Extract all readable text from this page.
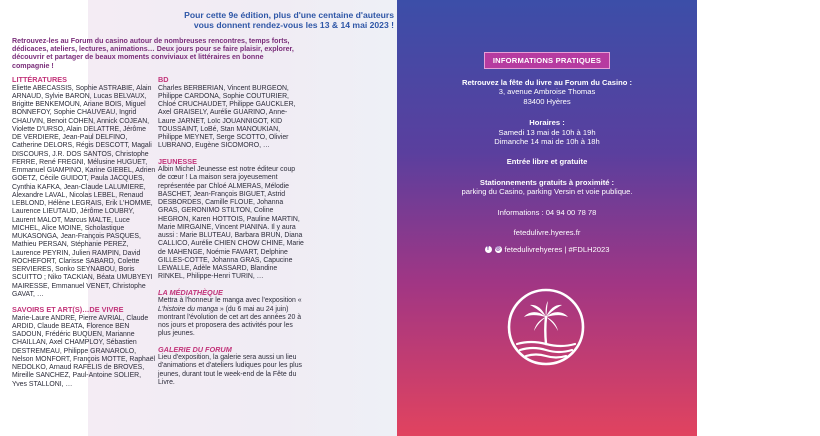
Pour cette 9e édition, plus d'une centaine d'auteurs
vous donnent rendez-vous les 13 & 14 mai 2023 !
Retrouvez-les au Forum du casino autour de nombreuses rencontres, temps forts, dédicaces, ateliers, lectures, animations… Deux jours pour se faire plaisir, explorer, découvrir et partager de beaux moments conviviaux et littéraires en bonne compagnie !

LITTÉRATURES

Eliette ABECASSIS, Sophie ASTRABIE, Alain ARNAUD, Sylvie BARON, Lucas BELVAUX, Brigitte BENKEMOUN, Ariane BOIS, Miguel BONNEFOY, Sophie CHAUVEAU, Ingrid CHAUVIN, Benoit COHEN, Annick COJEAN, Violette D'URSO, Alain DELATTRE, Jérôme DE VERDIERE, Jean-Paul DELFINO, Catherine DELORS, Régis DESCOTT, Magali DISCOURS, J.R. DOS SANTOS, Christophe FERRE, René FREGNI, Mélusine HUGUET, Emmanuel GIAMPINO, Karine GIEBEL, Adrien GOETZ, Cécile GUIDOT, Paula JACQUES, Cynthia KAFKA, Jean-Claude LALUMIERE, Alexandre LAVAL, Nicolas LEBEL, Renaud LEBLOND, Hélène LEGRAIS, Erik L'HOMME, Laurence LIEUTAUD, Jérôme LOUBRY, Laurent MALOT, Marcus MALTE, Luce MICHEL, Alice MOINE, Scholastique MUKASONGA, Jean-François PASQUES, Mathieu PERSAN, Stéphanie PEREZ, Laurence PEYRIN, Julien RAMPIN, David ROCHEFORT, Clarisse SABARD, Colette SERVIERES, Sonko SEYNABOU, Boris SCUITTO ; Niko TACKIAN, Béata UMUBYEYI MAIRESSE, Emmanuel VENET, Christophe GAVAT, …

SAVOIRS ET ART(S)…DE VIVRE

Marie-Laure ANDRE, Pierre AVRIAL, Claude ARDID, Claude BEATA, Florence BEN SADOUN, Frédéric BUQUEN, Marianne CHAILLAN, Axel CHAMPLOY, Sébastien DESTREMEAU, Philippe GRANAROLO, Nelson MONFORT, François MOTTE, Raphaël NEDOLKO, Arnaud RAFELIS de BROVES, Mireille SANCHEZ, Paul-Antoine SOLIER, Yves STALLONI, …

BD

Charles BERBERIAN, Vincent BURGEON, Philippe CARDONA, Sophie COUTURIER, Chloé CRUCHAUDET, Philippe GAUCKLER, Axel GRAISELY, Aurélie GUARINO, Anne-Laure JARNET, Loïc JOUANNIGOT, KID TOUSSAINT, LoBé, Stan MANOUKIAN, Philippe MEYNET, Serge SCOTTO, Olivier LUBRANO, Eugène SICOMORO, …

JEUNESSE

Albin Michel Jeunesse est notre éditeur coup de cœur ! La maison sera joyeusement représentée par Chloé ALMERAS, Mélodie BASCHET, Jean-François BIGUET, Astrid DESBORDES, Camille FLOUE, Johanna GRAS, GERONIMO STILTON, Coline HEGRON, Karen HOTTOIS, Pauline MARTIN, Marie MIRGAINE, Vincent PIANINA. Il y aura aussi : Marie BLUTEAU, Barbara BRUN, Diana CALLICO, Aurélie CHIEN CHOW CHINE, Marie de MAHENGE, Noémie FAVART, Delphine GILLES-COTTE, Johanna GRAS, Capucine LEWALLE, Adèle MASSARD, Blandine RINKEL, Philippe-Henri TURIN, …

LA MÉDIATHÈQUE

Mettra à l'honneur le manga avec l'exposition « L'histoire du manga » (du 6 mai au 24 juin) montrant l'évolution de cet art des années 20 à nos jours et proposera des activités pour les plus jeunes.

GALERIE DU FORUM

Lieu d'exposition, la galerie sera aussi un lieu d'animations et d'ateliers ludiques pour les plus jeunes, durant tout le week-end de la Fête du Livre.

INFORMATIONS PRATIQUES
Retrouvez la fête du livre au Forum du Casino :
3, avenue Ambroise Thomas
83400 Hyères
Horaires :
Samedi 13 mai de 10h à 19h
Dimanche 14 mai de 10h à 18h
Entrée libre et gratuite
Stationnements gratuits à proximité :
parking du Casino, parking Versin et voie publique.
Informations : 04 94 00 78 78
fetedulivre.hyeres.fr
f	◎ fetedulivrehyeres | #FDLH2023
